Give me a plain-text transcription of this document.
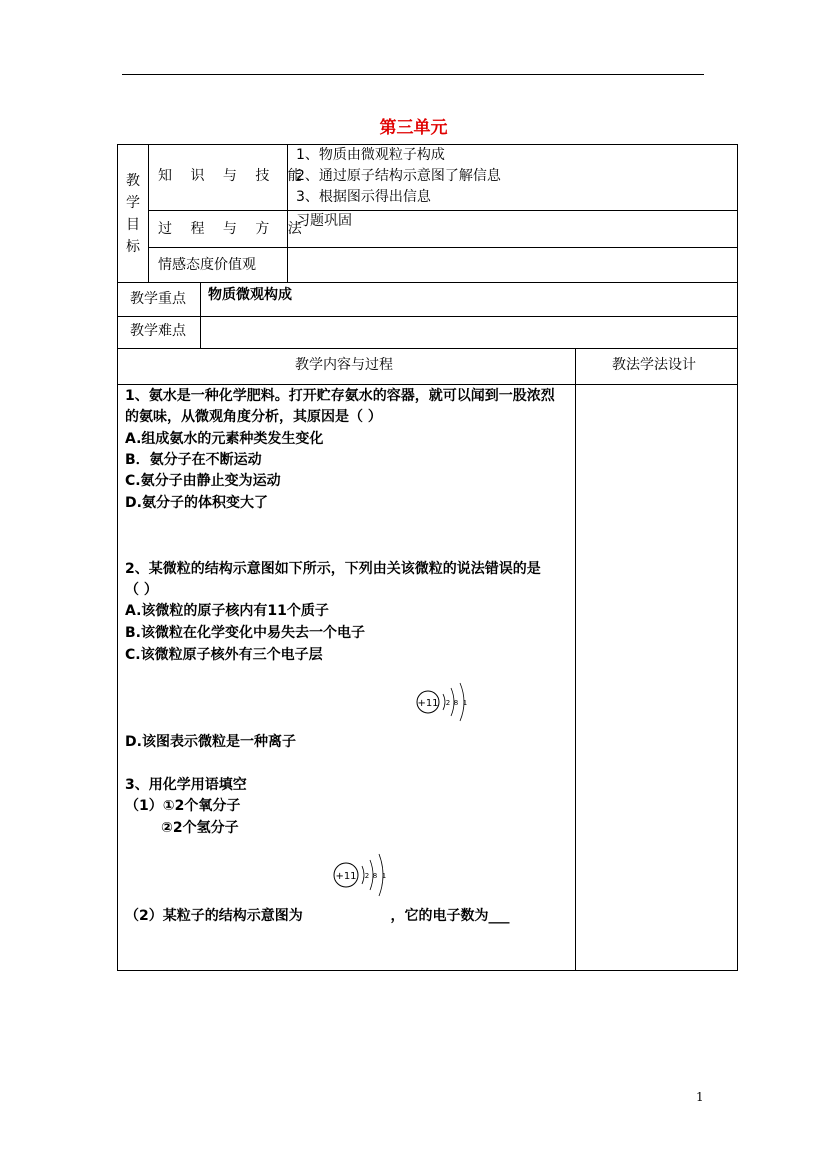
第三单元
教学目标
知 识 与 技 能
1、物质由微观粒子构成
2、通过原子结构示意图了解信息
3、根据图示得出信息
过 程 与 方 法
习题巩固
情感态度价值观
教学重点 物质微观构成
教学难点
教学内容与过程	教法学法设计
1、氨水是一种化学肥料。打开贮存氨水的容器，就可以闻到一股浓烈
的氨味，从微观角度分析，其原因是（ ）
A.组成氨水的元素种类发生变化
B．氨分子在不断运动
C.氨分子由静止变为运动
D.氨分子的体积变大了
2、某微粒的结构示意图如下所示，下列由关该微粒的说法错误的是
（ ）
A.该微粒的原子核内有11个质子
B.该微粒在化学变化中易失去一个电子
C.该微粒原子核外有三个电子层
+11 2 8 1
D.该图表示微粒是一种离子
3、用化学用语填空
（1）①2个氧分子
②2个氢分子
+11 2 8 1
（2）某粒子的结构示意图为                  ，它的电子数为___
1
